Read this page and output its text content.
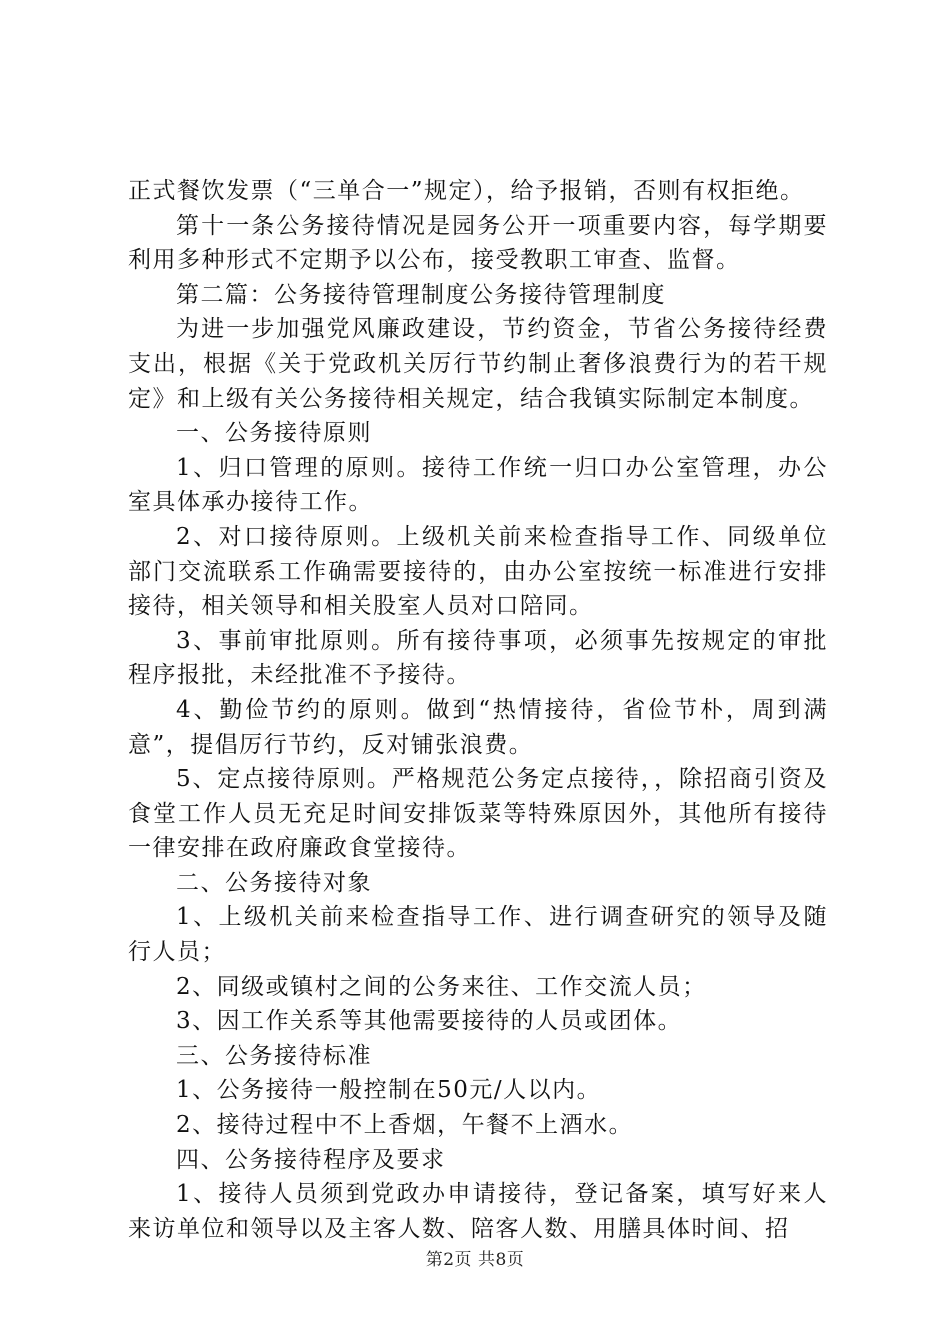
正式餐饮发票（“三单合一”规定），给予报销，否则有权拒绝。

第十一条公务接待情况是园务公开一项重要内容，每学期要利用多种形式不定期予以公布，接受教职工审查、监督。

第二篇：公务接待管理制度公务接待管理制度

为进一步加强党风廉政建设，节约资金，节省公务接待经费支出，根据《关于党政机关厉行节约制止奢侈浪费行为的若干规定》和上级有关公务接待相关规定，结合我镇实际制定本制度。

一、公务接待原则

1、归口管理的原则。接待工作统一归口办公室管理，办公室具体承办接待工作。

2、对口接待原则。上级机关前来检查指导工作、同级单位部门交流联系工作确需要接待的，由办公室按统一标准进行安排接待，相关领导和相关股室人员对口陪同。

3、事前审批原则。所有接待事项，必须事先按规定的审批程序报批，未经批准不予接待。

4、勤俭节约的原则。做到“热情接待，省俭节朴，周到满意”，提倡厉行节约，反对铺张浪费。

5、定点接待原则。严格规范公务定点接待，，除招商引资及食堂工作人员无充足时间安排饭菜等特殊原因外，其他所有接待一律安排在政府廉政食堂接待。

二、公务接待对象

1、上级机关前来检查指导工作、进行调查研究的领导及随行人员；

2、同级或镇村之间的公务来往、工作交流人员；

3、因工作关系等其他需要接待的人员或团体。

三、公务接待标准

1、公务接待一般控制在50元/人以内。

2、接待过程中不上香烟，午餐不上酒水。

四、公务接待程序及要求

1、接待人员须到党政办申请接待，登记备案，填写好来人来访单位和领导以及主客人数、陪客人数、用膳具体时间、招

第2页 共8页
